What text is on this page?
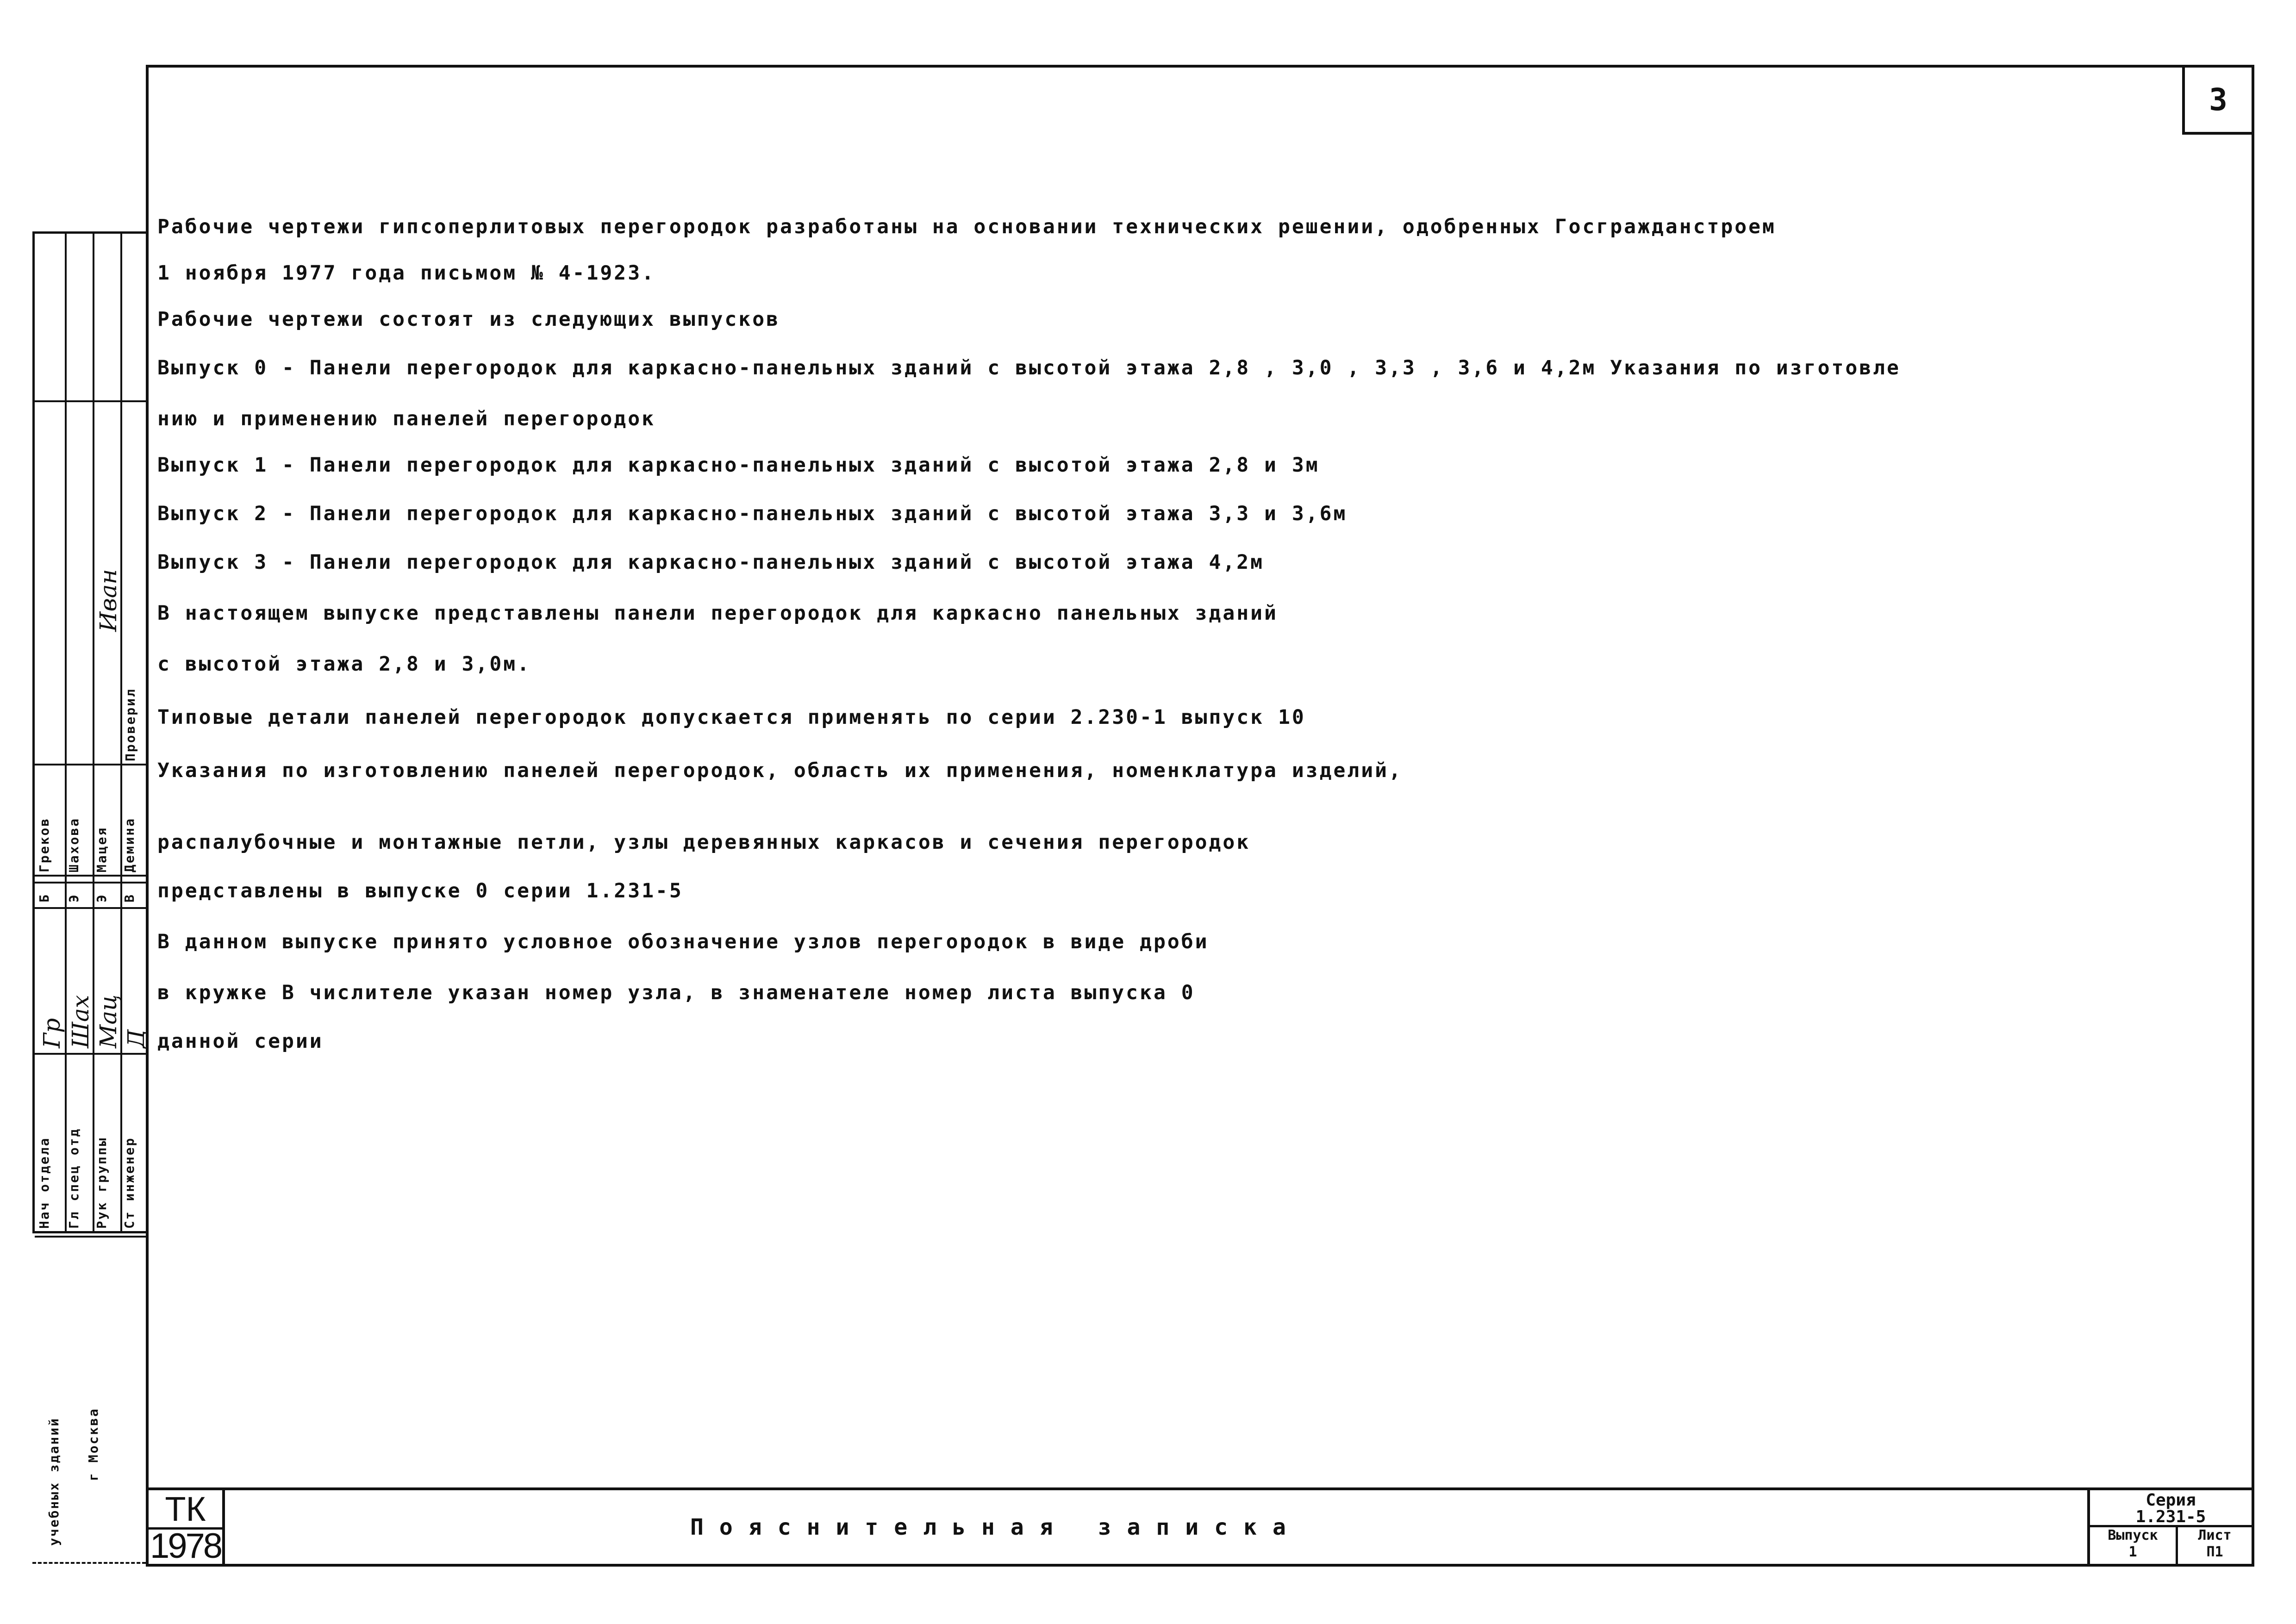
3
ТК
1978	Пояснительная записка
Серия
1.231-5
Выпуск
1
Лист
П1
Рабочие чертежи гипсоперлитовых перегородок разработаны на основании технических решении, одобренных Госгражданстроем
1 ноября 1977 года письмом № 4-1923.
Рабочие чертежи состоят из следующих выпусков
Выпуск 0 - Панели перегородок для каркасно-панельных зданий с высотой этажа 2,8 , 3,0 , 3,3 , 3,6 и 4,2м Указания по изготовле
нию и применению панелей перегородок
Выпуск 1 - Панели перегородок для каркасно-панельных зданий с высотой этажа 2,8 и 3м
Выпуск 2 - Панели перегородок для каркасно-панельных зданий с высотой этажа 3,3 и 3,6м
Выпуск 3 - Панели перегородок для каркасно-панельных зданий с высотой этажа 4,2м
В настоящем выпуске представлены панели перегородок для каркасно панельных зданий
с высотой этажа 2,8 и 3,0м.
Типовые детали панелей перегородок допускается применять по серии 2.230-1 выпуск 10
Указания по изготовлению панелей перегородок, область их применения, номенклатура изделий,
распалубочные и монтажные петли, узлы деревянных каркасов и сечения перегородок
представлены в выпуске 0 серии 1.231-5
В данном выпуске принято условное обозначение узлов перегородок в виде дроби
в кружке В числителе указан номер узла, в знаменателе номер листа выпуска 0
данной серии
Проверил
Нач отдела Гл спец отд Рук группы Ст инженер
Б Э Э В
Греков Шахова Мацея Демина
Гр Шах Мац Д
Иван
учебных зданий г Москва
